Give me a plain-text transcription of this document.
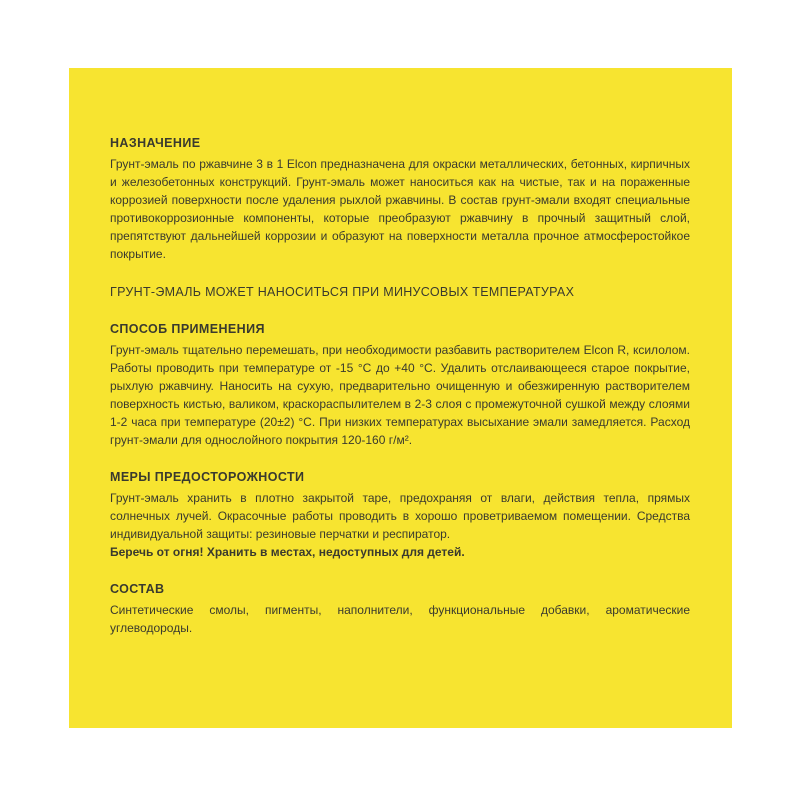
НАЗНАЧЕНИЕ

Грунт-эмаль по ржавчине 3 в 1 Elcon предназначена для окраски металлических, бетонных, кирпичных и железобетонных конструкций. Грунт-эмаль может наноситься как на чистые, так и на пораженные коррозией поверхности после удаления рыхлой ржавчины. В состав грунт-эмали входят специальные противокоррозионные компоненты, которые преобразуют ржавчину в прочный защитный слой, препятствуют дальнейшей коррозии и образуют на поверхности металла прочное атмосферостойкое покрытие.

ГРУНТ-ЭМАЛЬ МОЖЕТ НАНОСИТЬСЯ ПРИ МИНУСОВЫХ ТЕМПЕРАТУРАХ

СПОСОБ ПРИМЕНЕНИЯ

Грунт-эмаль тщательно перемешать, при необходимости разбавить растворителем Elcon R, ксилолом. Работы проводить при температуре от -15 °С до +40 °С. Удалить отслаивающееся старое покрытие, рыхлую ржавчину. Наносить на сухую, предварительно очищенную и обезжиренную растворителем поверхность кистью, валиком, краскораспылителем в 2-3 слоя с промежуточной сушкой между слоями 1-2 часа при температуре (20±2) °С. При низких температурах высыхание эмали замедляется. Расход грунт-эмали для однослойного покрытия 120-160 г/м².

МЕРЫ ПРЕДОСТОРОЖНОСТИ

Грунт-эмаль хранить в плотно закрытой таре, предохраняя от влаги, действия тепла, прямых солнечных лучей. Окрасочные работы проводить в хорошо проветриваемом помещении. Средства индивидуальной защиты: резиновые перчатки и респиратор.

Беречь от огня! Хранить в местах, недоступных для детей.

СОСТАВ

Синтетические смолы, пигменты, наполнители, функциональные добавки, ароматические углеводороды.
